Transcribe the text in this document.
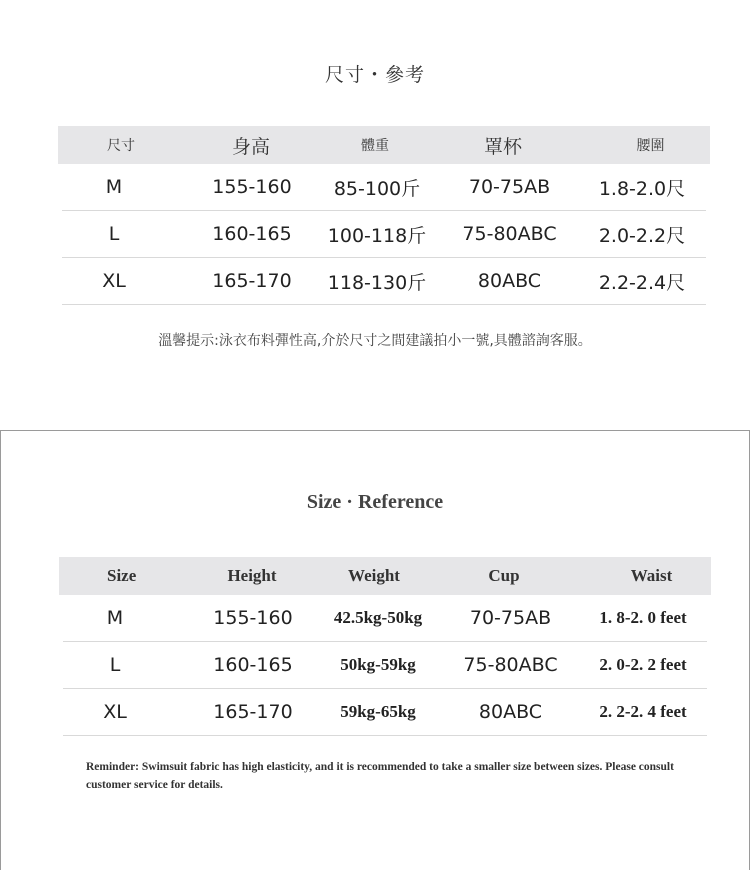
尺寸・參考
尺寸	身高	體重	罩杯	腰圍
M	155-160	85-100斤	70-75AB	1.8-2.0尺
L	160-165	100-118斤	75-80ABC	2.0-2.2尺
XL	165-170	118-130斤	80ABC	2.2-2.4尺
溫馨提示:泳衣布料彈性高,介於尺寸之間建議拍小一號,具體諮詢客服。
Size · Reference
Size	Height	Weight	Cup	Waist
M	155-160	42.5kg-50kg	70-75AB	1. 8-2. 0 feet
L	160-165	50kg-59kg	75-80ABC	2. 0-2. 2 feet
XL	165-170	59kg-65kg	80ABC	2. 2-2. 4 feet
Reminder: Swimsuit fabric has high elasticity, and it is recommended to take a smaller size between sizes. Please consult customer service for details.
